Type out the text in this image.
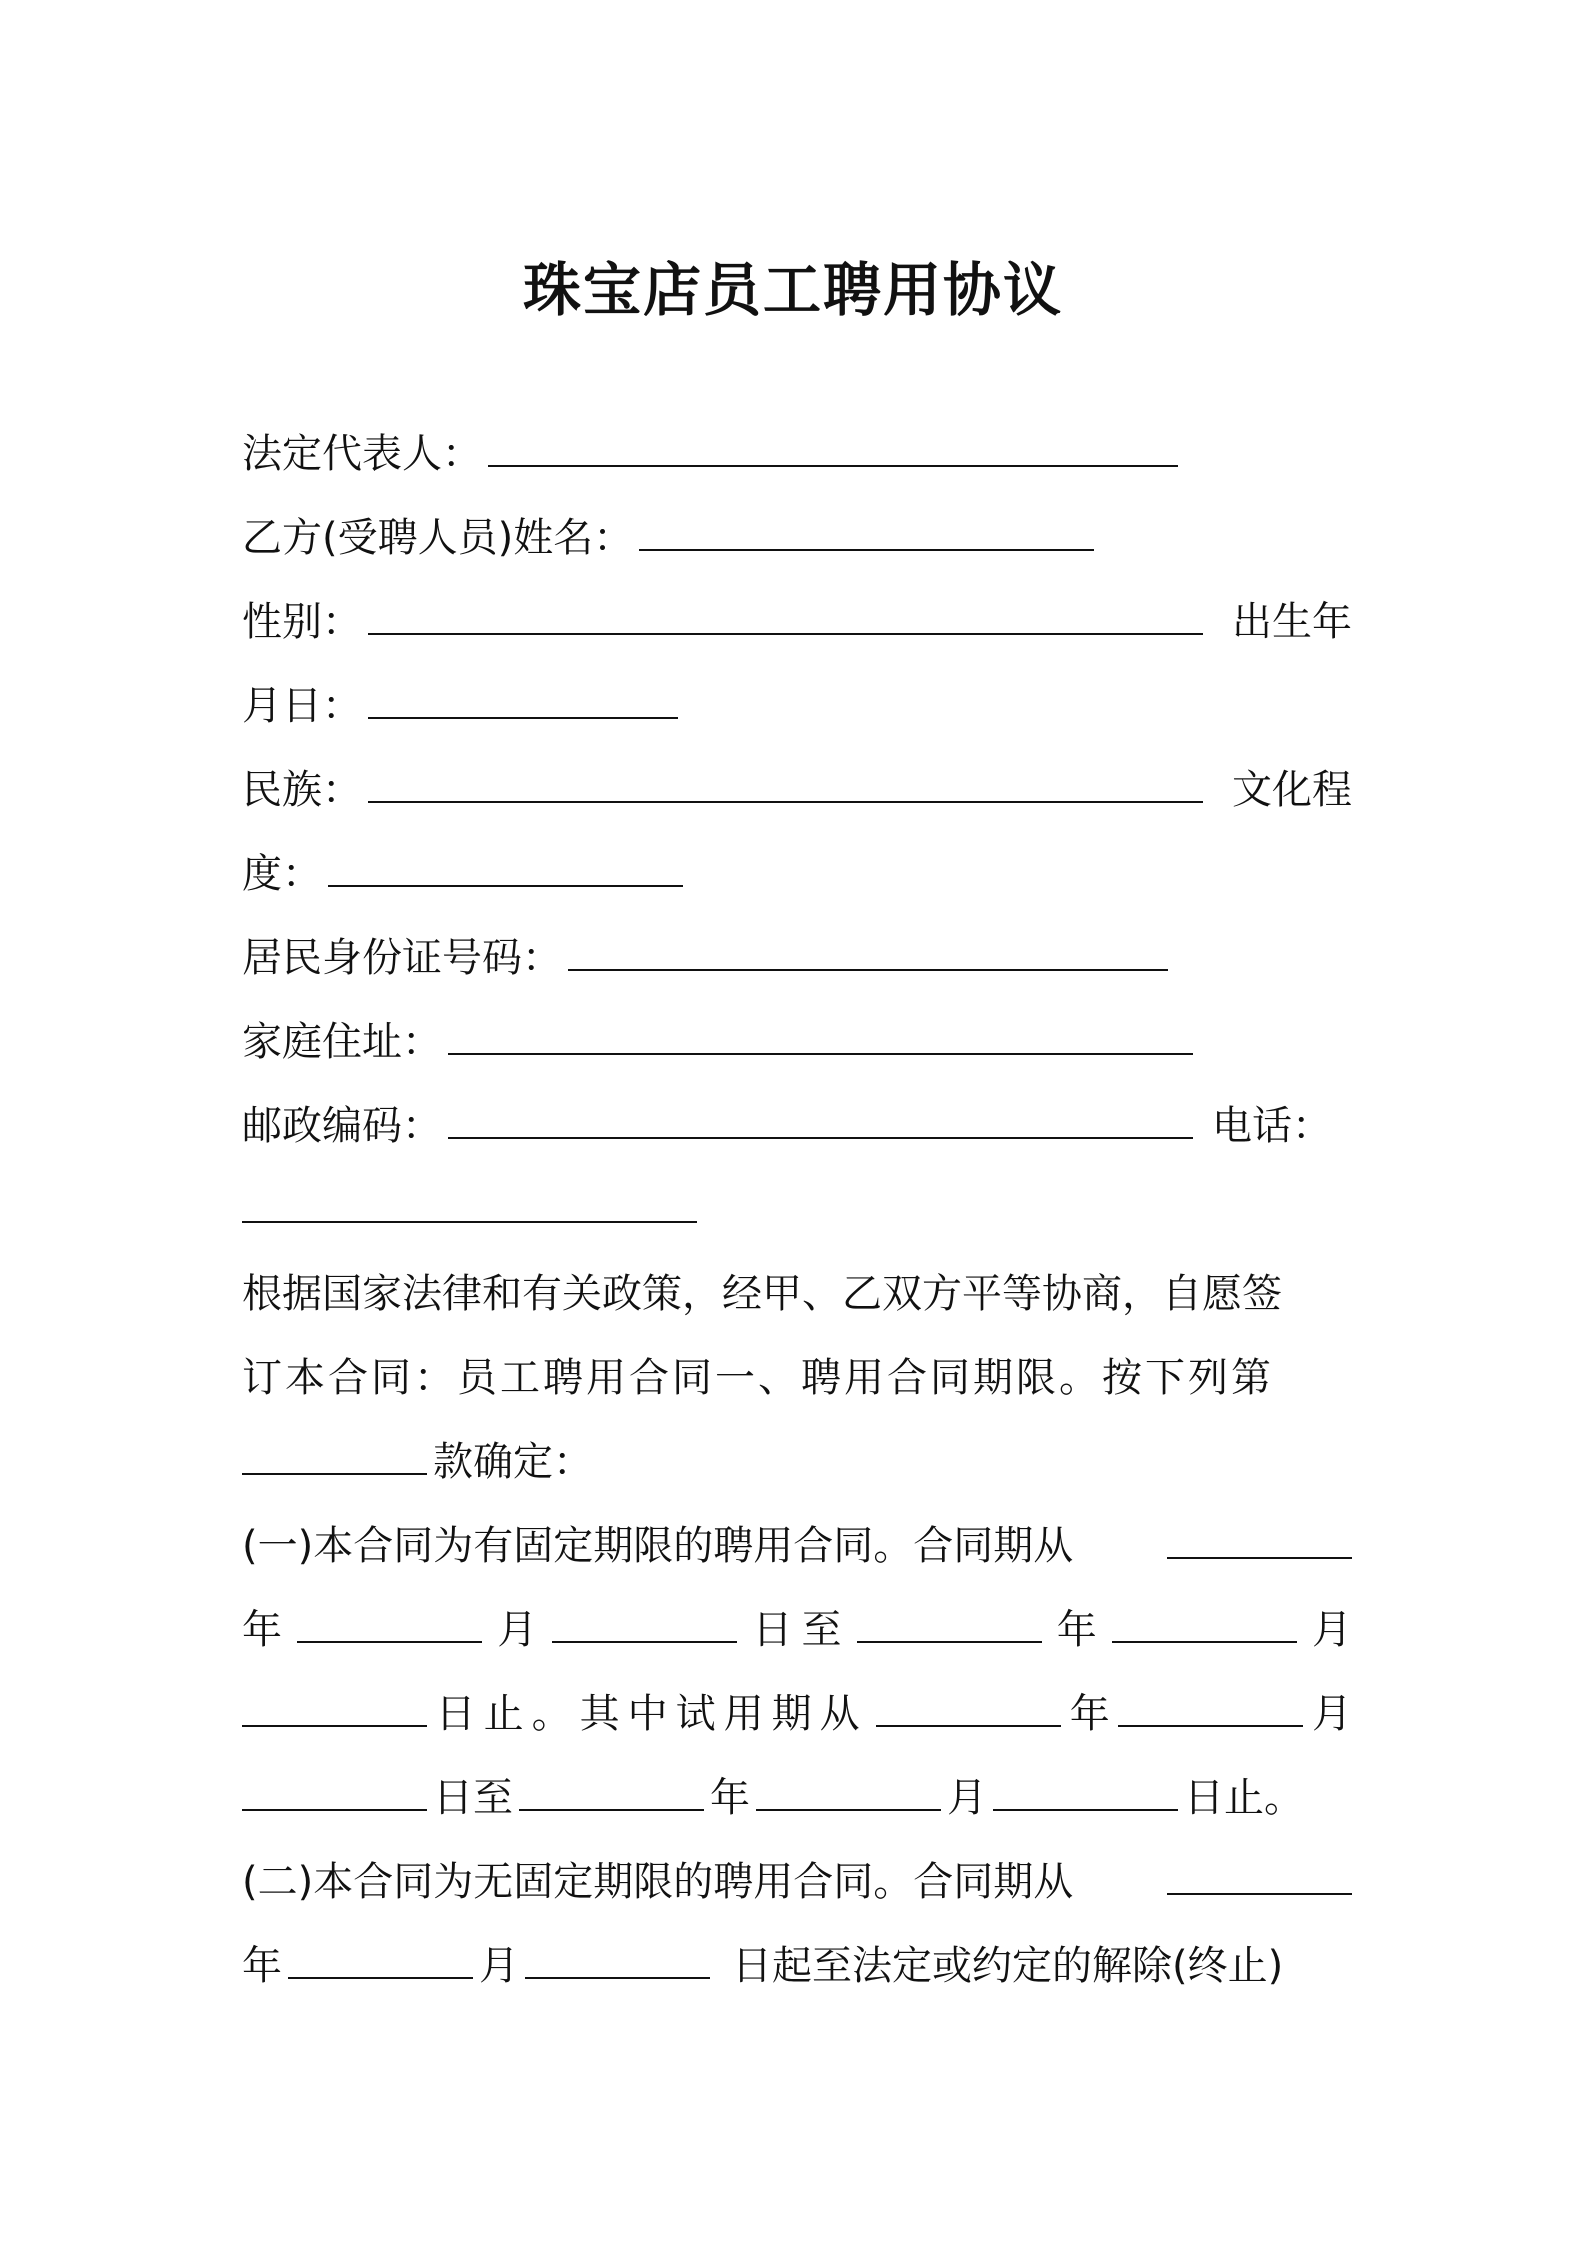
珠宝店员工聘用协议
法定代表人：
乙方(受聘人员)姓名：
性别：	出生年
月日：
民族：	文化程
度：
居民身份证号码：
家庭住址：
邮政编码：	电话：
根据国家法律和有关政策，经甲、乙双方平等协商，自愿签
订本合同：员工聘用合同一、聘用合同期限。按下列第
款确定：
(一)本合同为有固定期限的聘用合同。合同期从
年	月	日 至	年	月
日止。其中试用期从	年	月
日至	年	月	日止。
(二)本合同为无固定期限的聘用合同。合同期从
年	月	日起至法定或约定的解除(终止)
